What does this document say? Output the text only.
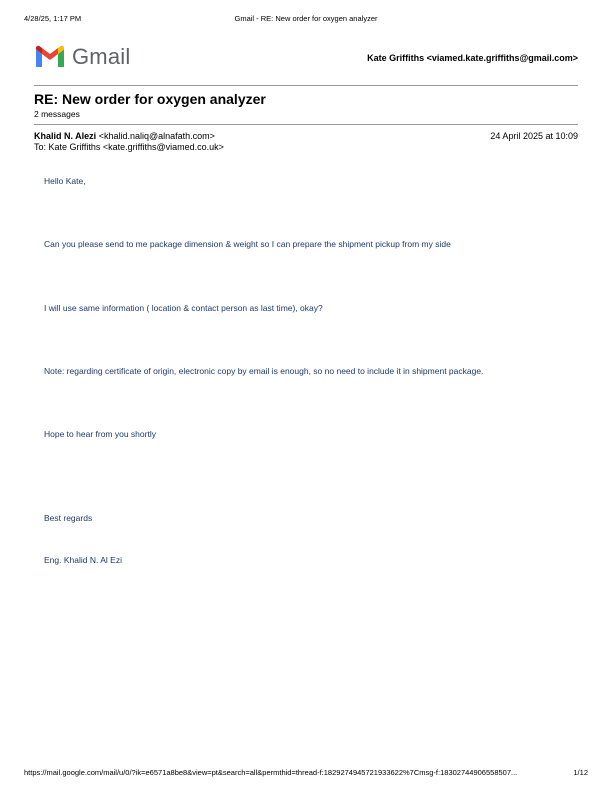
4/28/25, 1:17 PM	Gmail - RE: New order for oxygen analyzer
Gmail	Kate Griffiths <viamed.kate.griffiths@gmail.com>
RE: New order for oxygen analyzer
2 messages
Khalid N. Alezi <khalid.naliq@alnafath.com>	24 April 2025 at 10:09
To: Kate Griffiths <kate.griffiths@viamed.co.uk>
Hello Kate,
Can you please send to me package dimension & weight so I can prepare the shipment pickup from my side
I will use same information ( location & contact person as last time), okay?
Note: regarding certificate of origin, electronic copy by email is enough, so no need to include it in shipment package.
Hope to hear from you shortly
Best regards
Eng. Khalid N. Al Ezi
https://mail.google.com/mail/u/0/?ik=e6571a8be8&view=pt&search=all&permthid=thread-f:1829274945721933622%7Cmsg-f:18302744906558507...	1/12
